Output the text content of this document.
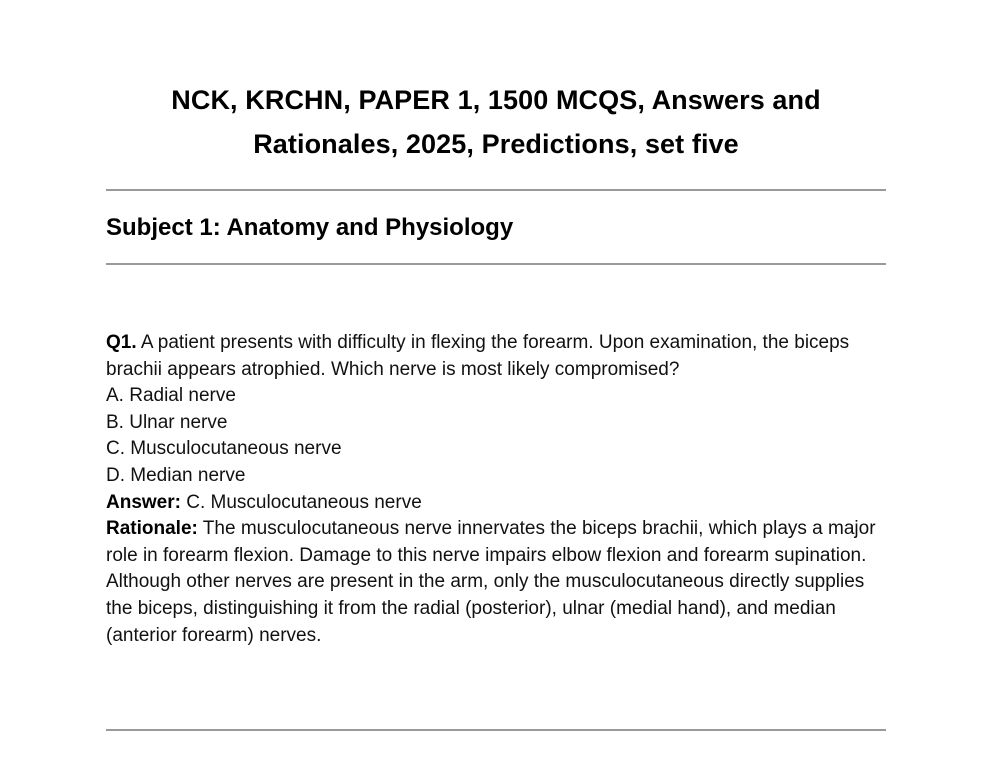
NCK, KRCHN, PAPER 1, 1500 MCQS, Answers and Rationales, 2025, Predictions, set five
Subject 1: Anatomy and Physiology

Q1. A patient presents with difficulty in flexing the forearm. Upon examination, the biceps brachii appears atrophied. Which nerve is most likely compromised?

A. Radial nerve

B. Ulnar nerve

C. Musculocutaneous nerve

D. Median nerve

Answer: C. Musculocutaneous nerve

Rationale: The musculocutaneous nerve innervates the biceps brachii, which plays a major role in forearm flexion. Damage to this nerve impairs elbow flexion and forearm supination. Although other nerves are present in the arm, only the musculocutaneous directly supplies the biceps, distinguishing it from the radial (posterior), ulnar (medial hand), and median (anterior forearm) nerves.
